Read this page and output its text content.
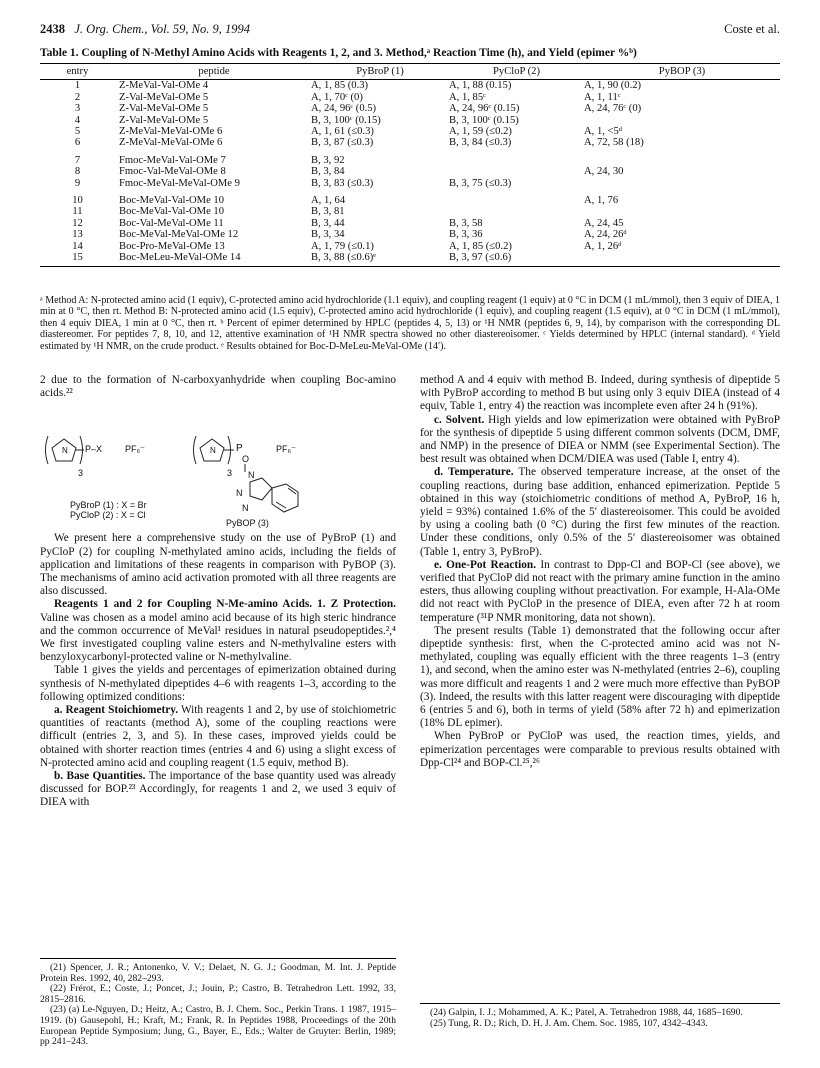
2438 J. Org. Chem., Vol. 59, No. 9, 1994	Coste et al.
Table 1. Coupling of N-Methyl Amino Acids with Reagents 1, 2, and 3. Method,ᵃ Reaction Time (h), and Yield (epimer %ᵇ)
entry	peptide	PyBroP (1)	PyCloP (2)	PyBOP (3)
1	Z-MeVal-Val-OMe 4	A, 1, 85 (0.3)	A, 1, 88 (0.15)	A, 1, 90 (0.2)
2	Z-Val-MeVal-OMe 5	A, 1, 70ᶜ (0)	A, 1, 85ᶜ	A, 1, 11ᶜ
3	Z-Val-MeVal-OMe 5	A, 24, 96ᶜ (0.5)	A, 24, 96ᶜ (0.15)	A, 24, 76ᶜ (0)
4	Z-Val-MeVal-OMe 5	B, 3, 100ᶜ (0.15)	B, 3, 100ᶜ (0.15)	
5	Z-MeVal-MeVal-OMe 6	A, 1, 61 (≤0.3)	A, 1, 59 (≤0.2)	A, 1, <5ᵈ
6	Z-MeVal-MeVal-OMe 6	B, 3, 87 (≤0.3)	B, 3, 84 (≤0.3)	A, 72, 58 (18)
7	Fmoc-MeVal-Val-OMe 7	B, 3, 92		
8	Fmoc-Val-MeVal-OMe 8	B, 3, 84		A, 24, 30
9	Fmoc-MeVal-MeVal-OMe 9	B, 3, 83 (≤0.3)	B, 3, 75 (≤0.3)	
10	Boc-MeVal-Val-OMe 10	A, 1, 64		A, 1, 76
11	Boc-MeVal-Val-OMe 10	B, 3, 81		
12	Boc-Val-MeVal-OMe 11	B, 3, 44	B, 3, 58	A, 24, 45
13	Boc-MeVal-MeVal-OMe 12	B, 3, 34	B, 3, 36	A, 24, 26ᵈ
14	Boc-Pro-MeVal-OMe 13	A, 1, 79 (≤0.1)	A, 1, 85 (≤0.2)	A, 1, 26ᵈ
15	Boc-MeLeu-MeVal-OMe 14	B, 3, 88 (≤0.6)ᵉ	B, 3, 97 (≤0.6)	
ᵃ Method A: N-protected amino acid (1 equiv), C-protected amino acid hydrochloride (1.1 equiv), and coupling reagent (1 equiv) at 0 °C in DCM (1 mL/mmol), then 3 equiv of DIEA, 1 min at 0 °C, then rt. Method B: N-protected amino acid (1.5 equiv), C-protected amino acid hydrochloride (1 equiv), and coupling reagent (1.5 equiv), at 0 °C in DCM (1 mL/mmol), then 4 equiv DIEA, 1 min at 0 °C, then rt. ᵇ Percent of epimer determined by HPLC (peptides 4, 5, 13) or ¹H NMR (peptides 6, 9, 14), by comparison with the corresponding DL diastereomer. For peptides 7, 8, 10, and 12, attentive examination of ¹H NMR spectra showed no other diastereoisomer. ᶜ Yields determined by HPLC (internal standard). ᵈ Yield estimated by ¹H NMR, on the crude product. ᵉ Results obtained for Boc-D-MeLeu-MeVal-OMe (14′).

2 due to the formation of N-carboxyanhydride when coupling Boc-amino acids.²²

P–X	PF₆⁻
3
P
O
PF₆⁻
3 N
N
N
N	N
PyBroP (1) : X = Br
PyCloP (2) : X = Cl
PyBOP (3)

We present here a comprehensive study on the use of PyBroP (1) and PyCloP (2) for coupling N-methylated amino acids, including the fields of application and limitations of these reagents in comparison with PyBOP (3). The mechanisms of amino acid activation promoted with all three reagents are also discussed.

Reagents 1 and 2 for Coupling N-Me-amino Acids. 1. Z Protection. Valine was chosen as a model amino acid because of its high steric hindrance and the common occurrence of MeVal¹ residues in natural pseudopeptides.²,⁴ We first investigated coupling valine esters and N-methylvaline esters with benzyloxycarbonyl-protected valine or N-methylvaline.

Table 1 gives the yields and percentages of epimerization obtained during synthesis of N-methylated dipeptides 4–6 with reagents 1–3, according to the following optimized conditions:

a. Reagent Stoichiometry. With reagents 1 and 2, by use of stoichiometric quantities of reactants (method A), some of the coupling reactions were difficult (entries 2, 3, and 5). In these cases, improved yields could be obtained with shorter reaction times (entries 4 and 6) using a slight excess of N-protected amino acid and coupling reagent (1.5 equiv, method B).

b. Base Quantities. The importance of the base quantity used was already discussed for BOP.²³ Accordingly, for reagents 1 and 2, we used 3 equiv of DIEA with

method A and 4 equiv with method B. Indeed, during synthesis of dipeptide 5 with PyBroP according to method B but using only 3 equiv DIEA (instead of 4 equiv, Table 1, entry 4) the reaction was incomplete even after 24 h (91%).

c. Solvent. High yields and low epimerization were obtained with PyBroP for the synthesis of dipeptide 5 using different common solvents (DCM, DMF, and NMP) in the presence of DIEA or NMM (see Experimental Section). The best result was obtained when DCM/DIEA was used (Table I, entry 4).

d. Temperature. The observed temperature increase, at the onset of the coupling reactions, during base addition, enhanced epimerization. Peptide 5 obtained in this way (stoichiometric conditions of method A, PyBroP, 16 h, yield = 93%) contained 1.6% of the 5′ diastereoisomer. This could be avoided by using a cooling bath (0 °C) during the first few minutes of the reaction. Under these conditions, only 0.5% of the 5′ diastereoisomer was obtained (Table 1, entry 3, PyBroP).

e. One-Pot Reaction. In contrast to Dpp-Cl and BOP-Cl (see above), we verified that PyCloP did not react with the primary amine function in the amino esters, thus allowing coupling without preactivation. For example, H-Ala-OMe did not react with PyCloP in the presence of DIEA, even after 72 h at room temperature (³¹P NMR monitoring, data not shown).

The present results (Table 1) demonstrated that the following occur after dipeptide synthesis: first, when the C-protected amino acid was not N-methylated, coupling was equally efficient with the three reagents 1–3 (entry 1), and second, when the amino ester was N-methylated (entries 2–6), coupling was more difficult and reagents 1 and 2 were much more effective than PyBOP (3). Indeed, the results with this latter reagent were discouraging with dipeptide 6 (entries 5 and 6), both in terms of yield (58% after 72 h) and epimerization (18% DL epimer).

When PyBroP or PyCloP was used, the reaction times, yields, and epimerization percentages were comparable to previous results obtained with Dpp-Cl²⁴ and BOP-Cl.²⁵,²⁶

(21) Spencer, J. R.; Antonenko, V. V.; Delaet, N. G. J.; Goodman, M. Int. J. Peptide Protein Res. 1992, 40, 282–293.
(22) Frérot, E.; Coste, J.; Poncet, J.; Jouin, P.; Castro, B. Tetrahedron Lett. 1992, 33, 2815–2816.
(23) (a) Le-Nguyen, D.; Heitz, A.; Castro, B. J. Chem. Soc., Perkin Trans. 1 1987, 1915–1919. (b) Gausepohl, H.; Kraft, M.; Frank, R. In Peptides 1988, Proceedings of the 20th European Peptide Symposium; Jung, G., Bayer, E., Eds.; Walter de Gruyter: Berlin, 1989; pp 241–243.
(24) Galpin, I. J.; Mohammed, A. K.; Patel, A. Tetrahedron 1988, 44, 1685–1690.
(25) Tung, R. D.; Rich, D. H. J. Am. Chem. Soc. 1985, 107, 4342–4343.
